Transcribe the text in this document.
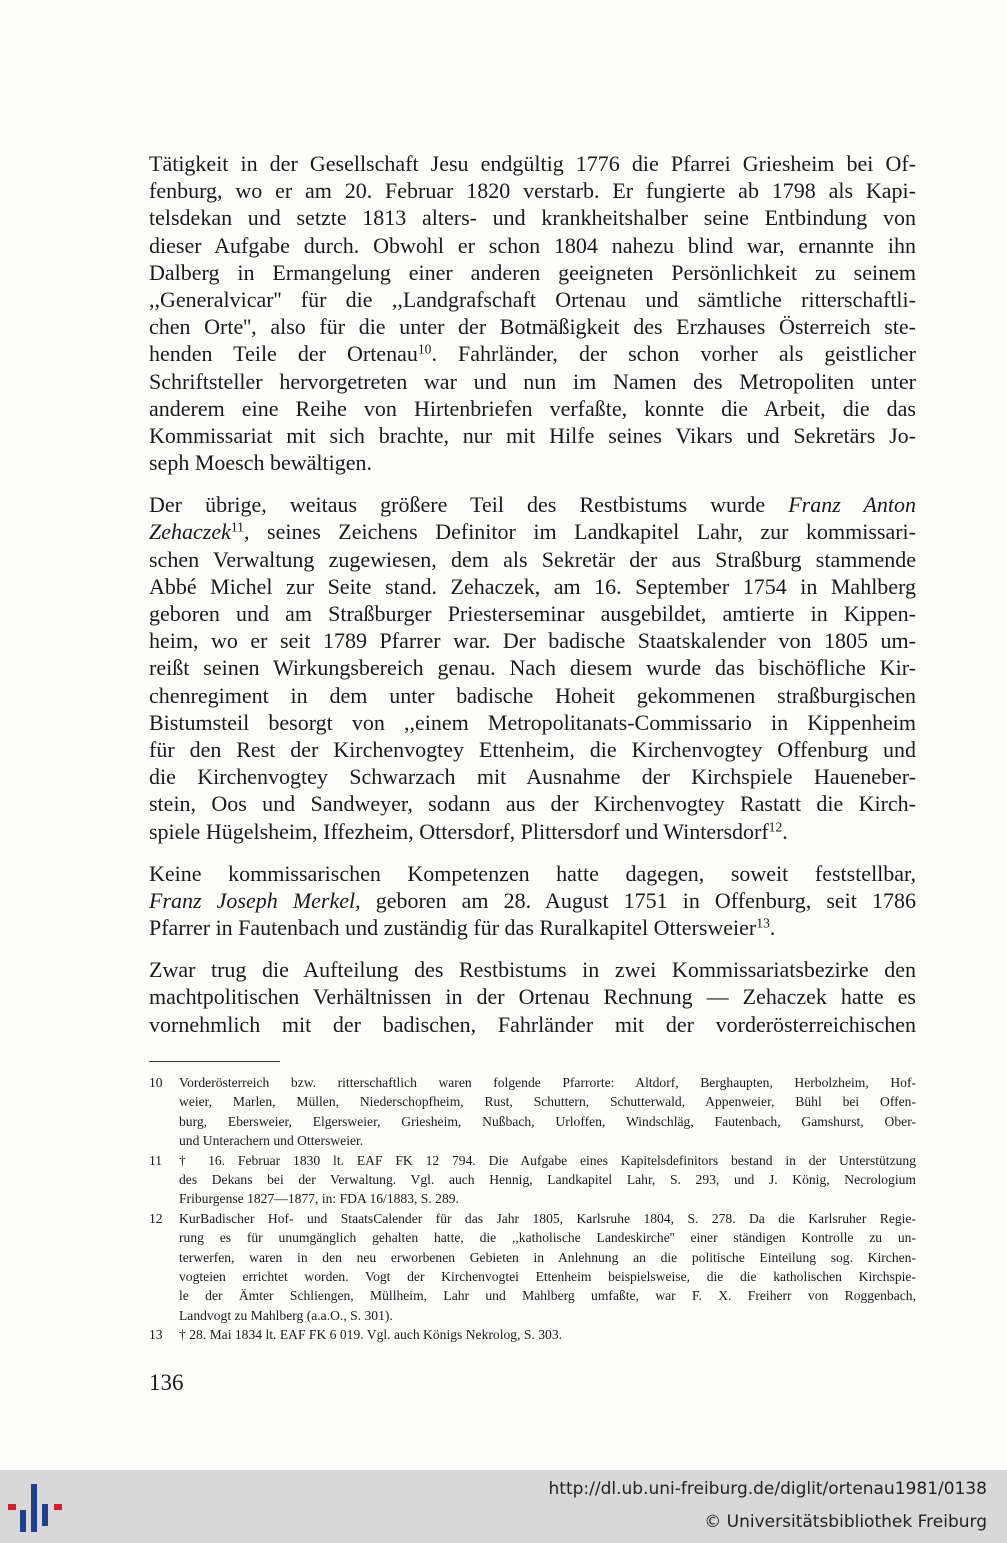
Tätigkeit in der Gesellschaft Jesu endgültig 1776 die Pfarrei Griesheim bei Of-
fenburg, wo er am 20. Februar 1820 verstarb. Er fungierte ab 1798 als Kapi-
telsdekan und setzte 1813 alters- und krankheitshalber seine Entbindung von
dieser Aufgabe durch. Obwohl er schon 1804 nahezu blind war, ernannte ihn
Dalberg in Ermangelung einer anderen geeigneten Persönlichkeit zu seinem
,,Generalvicar'' für die ,,Landgrafschaft Ortenau und sämtliche ritterschaftli-
chen Orte'', also für die unter der Botmäßigkeit des Erzhauses Österreich ste-
henden Teile der Ortenau$^{10}$. Fahrländer, der schon vorher als geistlicher
Schriftsteller hervorgetreten war und nun im Namen des Metropoliten unter
anderem eine Reihe von Hirtenbriefen verfaßte, konnte die Arbeit, die das
Kommissariat mit sich brachte, nur mit Hilfe seines Vikars und Sekretärs Jo-
seph Moesch bewältigen.
Der übrige, weitaus größere Teil des Restbistums wurde Franz Anton
Zehaczek$^{11}$, seines Zeichens Definitor im Landkapitel Lahr, zur kommissari-
schen Verwaltung zugewiesen, dem als Sekretär der aus Straßburg stammende
Abbé Michel zur Seite stand. Zehaczek, am 16. September 1754 in Mahlberg
geboren und am Straßburger Priesterseminar ausgebildet, amtierte in Kippen-
heim, wo er seit 1789 Pfarrer war. Der badische Staatskalender von 1805 um-
reißt seinen Wirkungsbereich genau. Nach diesem wurde das bischöfliche Kir-
chenregiment in dem unter badische Hoheit gekommenen straßburgischen
Bistumsteil besorgt von ,,einem Metropolitanats-Commissario in Kippenheim
für den Rest der Kirchenvogtey Ettenheim, die Kirchenvogtey Offenburg und
die Kirchenvogtey Schwarzach mit Ausnahme der Kirchspiele Haueneber-
stein, Oos und Sandweyer, sodann aus der Kirchenvogtey Rastatt die Kirch-
spiele Hügelsheim, Iffezheim, Ottersdorf, Plittersdorf und Wintersdorf$^{12}$.
Keine kommissarischen Kompetenzen hatte dagegen, soweit feststellbar,
Franz Joseph Merkel, geboren am 28. August 1751 in Offenburg, seit 1786
Pfarrer in Fautenbach und zuständig für das Ruralkapitel Ottersweier$^{13}$.
Zwar trug die Aufteilung des Restbistums in zwei Kommissariatsbezirke den
machtpolitischen Verhältnissen in der Ortenau Rechnung — Zehaczek hatte es
vornehmlich mit der badischen, Fahrländer mit der vorderösterreichischen
10 Vorderösterreich bzw. ritterschaftlich waren folgende Pfarrorte: Altdorf, Berghaupten, Herbolzheim, Hof-
weier, Marlen, Müllen, Niederschopfheim, Rust, Schuttern, Schutterwald, Appenweier, Bühl bei Offen-
burg, Ebersweier, Elgersweier, Griesheim, Nußbach, Urloffen, Windschläg, Fautenbach, Gamshurst, Ober-
und Unterachern und Ottersweier.
11 † 16. Februar 1830 lt. EAF FK 12 794. Die Aufgabe eines Kapitelsdefinitors bestand in der Unterstützung
des Dekans bei der Verwaltung. Vgl. auch Hennig, Landkapitel Lahr, S. 293, und J. König, Necrologium
Friburgense 1827—1877, in: FDA 16/1883, S. 289.
12 KurBadischer Hof- und StaatsCalender für das Jahr 1805, Karlsruhe 1804, S. 278. Da die Karlsruher Regie-
rung es für unumgänglich gehalten hatte, die ,,katholische Landeskirche'' einer ständigen Kontrolle zu un-
terwerfen, waren in den neu erworbenen Gebieten in Anlehnung an die politische Einteilung sog. Kirchen-
vogteien errichtet worden. Vogt der Kirchenvogtei Ettenheim beispielsweise, die die katholischen Kirchspie-
le der Ämter Schliengen, Müllheim, Lahr und Mahlberg umfaßte, war F. X. Freiherr von Roggenbach,
Landvogt zu Mahlberg (a.a.O., S. 301).
13 † 28. Mai 1834 lt. EAF FK 6 019. Vgl. auch Königs Nekrolog, S. 303.
136
http://dl.ub.uni-freiburg.de/diglit/ortenau1981/0138
© Universitätsbibliothek Freiburg
